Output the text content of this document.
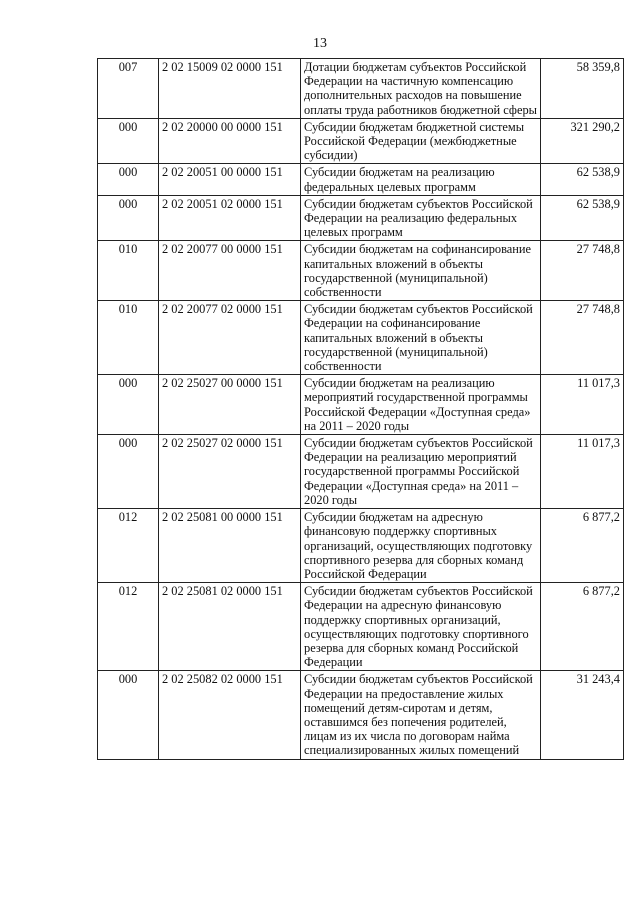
13
007	2 02 15009 02 0000 151	Дотации бюджетам субъектов Российской Федерации на частичную компенсацию дополнительных расходов на повышение оплаты труда работников бюджетной сферы	58 359,8
000	2 02 20000 00 0000 151	Субсидии бюджетам бюджетной системы Российской Федерации (межбюджетные субсидии)	321 290,2
000	2 02 20051 00 0000 151	Субсидии бюджетам на реализацию федеральных целевых программ	62 538,9
000	2 02 20051 02 0000 151	Субсидии бюджетам субъектов Российской Федерации на реализацию федеральных целевых программ	62 538,9
010	2 02 20077 00 0000 151	Субсидии бюджетам на софинансирование капитальных вложений в объекты государственной (муниципальной) собственности	27 748,8
010	2 02 20077 02 0000 151	Субсидии бюджетам субъектов Российской Федерации на софинансирование капитальных вложений в объекты государственной (муниципальной) собственности	27 748,8
000	2 02 25027 00 0000 151	Субсидии бюджетам на реализацию мероприятий государственной программы Российской Федерации «Доступная среда» на 2011 – 2020 годы	11 017,3
000	2 02 25027 02 0000 151	Субсидии бюджетам субъектов Российской Федерации на реализацию мероприятий государственной программы Российской Федерации «Доступная среда» на 2011 – 2020 годы	11 017,3
012	2 02 25081 00 0000 151	Субсидии бюджетам на адресную финансовую поддержку спортивных организаций, осуществляющих подготовку спортивного резерва для сборных команд Российской Федерации	6 877,2
012	2 02 25081 02 0000 151	Субсидии бюджетам субъектов Российской Федерации на адресную финансовую поддержку спортивных организаций, осуществляющих подготовку спортивного резерва для сборных команд Российской Федерации	6 877,2
000	2 02 25082 02 0000 151	Субсидии бюджетам субъектов Российской Федерации на предоставление жилых помещений детям-сиротам и детям, оставшимся без попечения родителей, лицам из их числа по договорам найма специализированных жилых помещений	31 243,4
